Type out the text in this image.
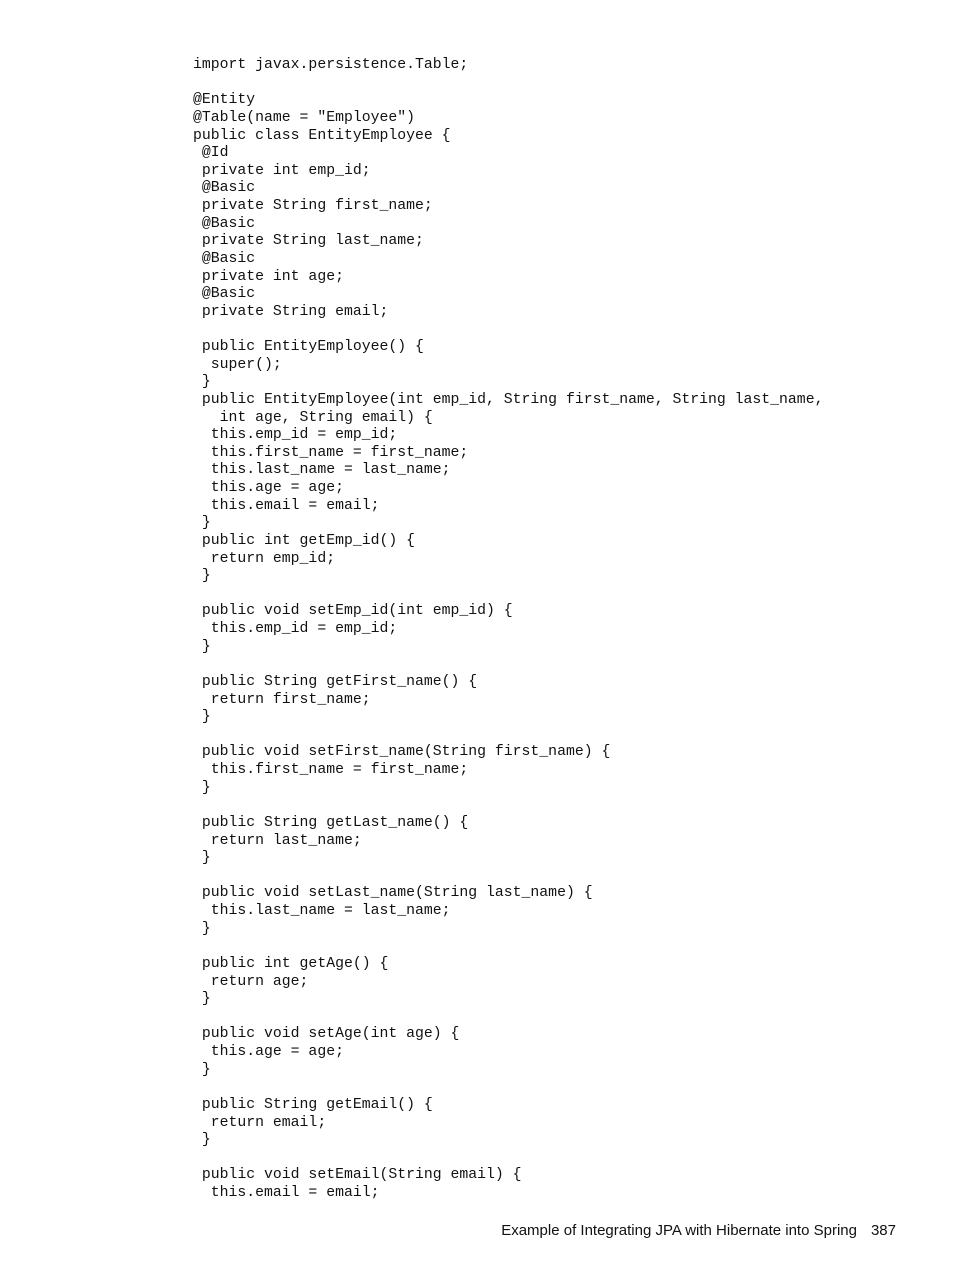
import javax.persistence.Table;
@Entity
@Table(name = "Employee")
public class EntityEmployee {
@Id
private int emp_id;
@Basic
private String first_name;
@Basic
private String last_name;
@Basic
private int age;
@Basic
private String email;
public EntityEmployee() {
super();
}
public EntityEmployee(int emp_id, String first_name, String last_name,
int age, String email) {
this.emp_id = emp_id;
this.first_name = first_name;
this.last_name = last_name;
this.age = age;
this.email = email;
}
public int getEmp_id() {
return emp_id;
}
public void setEmp_id(int emp_id) {
this.emp_id = emp_id;
}
public String getFirst_name() {
return first_name;
}
public void setFirst_name(String first_name) {
this.first_name = first_name;
}
public String getLast_name() {
return last_name;
}
public void setLast_name(String last_name) {
this.last_name = last_name;
}
public int getAge() {
return age;
}
public void setAge(int age) {
this.age = age;
}
public String getEmail() {
return email;
}
public void setEmail(String email) {
this.email = email;
Example of Integrating JPA with Hibernate into Spring 387
